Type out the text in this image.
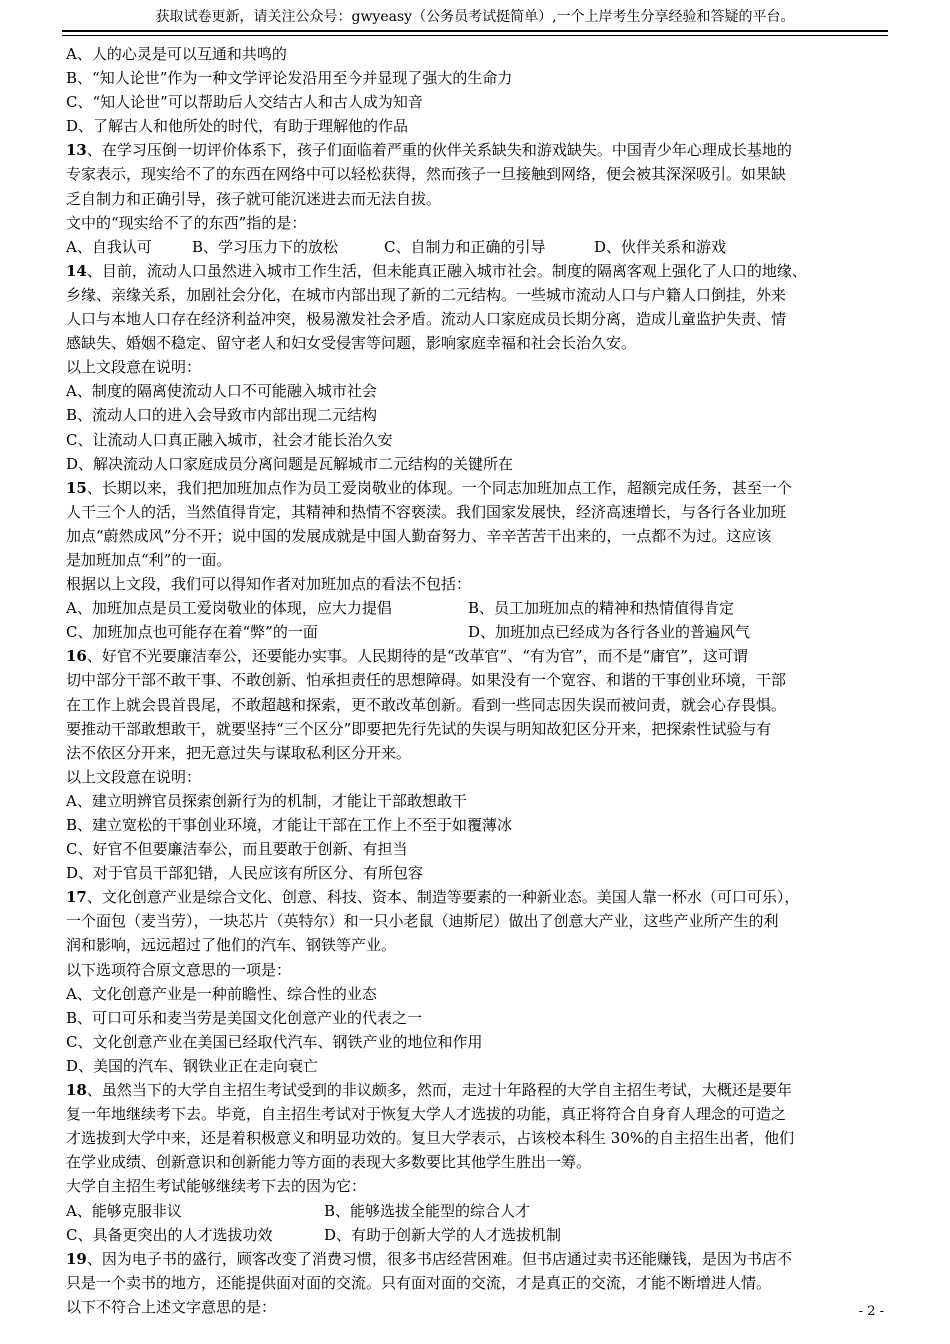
获取试卷更新，请关注公众号：gwyeasy（公务员考试挺简单）,一个上岸考生分享经验和答疑的平台。
A、人的心灵是可以互通和共鸣的
B、“知人论世”作为一种文学评论发沿用至今并显现了强大的生命力
C、“知人论世”可以帮助后人交结古人和古人成为知音
D、了解古人和他所处的时代，有助于理解他的作品
13、在学习压倒一切评价体系下，孩子们面临着严重的伙伴关系缺失和游戏缺失。中国青少年心理成长基地的
专家表示，现实给不了的东西在网络中可以轻松获得，然而孩子一旦接触到网络，便会被其深深吸引。如果缺
乏自制力和正确引导，孩子就可能沉迷进去而无法自拔。
文中的“现实给不了的东西”指的是：
A、自我认可	B、学习压力下的放松	C、自制力和正确的引导	D、伙伴关系和游戏
14、目前，流动人口虽然进入城市工作生活，但未能真正融入城市社会。制度的隔离客观上强化了人口的地缘、
乡缘、亲缘关系，加剧社会分化，在城市内部出现了新的二元结构。一些城市流动人口与户籍人口倒挂，外来
人口与本地人口存在经济利益冲突，极易激发社会矛盾。流动人口家庭成员长期分离，造成儿童监护失责、情
感缺失、婚姻不稳定、留守老人和妇女受侵害等问题，影响家庭幸福和社会长治久安。
以上文段意在说明：
A、制度的隔离使流动人口不可能融入城市社会
B、流动人口的进入会导致市内部出现二元结构
C、让流动人口真正融入城市，社会才能长治久安
D、解决流动人口家庭成员分离问题是瓦解城市二元结构的关键所在
15、长期以来，我们把加班加点作为员工爱岗敬业的体现。一个同志加班加点工作，超额完成任务，甚至一个
人干三个人的活，当然值得肯定，其精神和热情不容亵渎。我们国家发展快，经济高速增长，与各行各业加班
加点“蔚然成风”分不开；说中国的发展成就是中国人勤奋努力、辛辛苦苦干出来的，一点都不为过。这应该
是加班加点“利”的一面。
根据以上文段，我们可以得知作者对加班加点的看法不包括：
A、加班加点是员工爱岗敬业的体现，应大力提倡	B、员工加班加点的精神和热情值得肯定
C、加班加点也可能存在着“弊”的一面	D、加班加点已经成为各行各业的普遍风气
16、好官不光要廉洁奉公，还要能办实事。人民期待的是“改革官”、“有为官”，而不是“庸官”，这可谓
切中部分干部不敢干事、不敢创新、怕承担责任的思想障碍。如果没有一个宽容、和谐的干事创业环境，干部
在工作上就会畏首畏尾，不敢超越和探索，更不敢改革创新。看到一些同志因失误而被问责，就会心存畏惧。
要推动干部敢想敢干，就要坚持“三个区分”即要把先行先试的失误与明知故犯区分开来，把探索性试验与有
法不依区分开来，把无意过失与谋取私利区分开来。
以上文段意在说明：
A、建立明辨官员探索创新行为的机制，才能让干部敢想敢干
B、建立宽松的干事创业环境，才能让干部在工作上不至于如覆薄冰
C、好官不但要廉洁奉公，而且要敢于创新、有担当
D、对于官员干部犯错，人民应该有所区分、有所包容
17、文化创意产业是综合文化、创意、科技、资本、制造等要素的一种新业态。美国人靠一杯水（可口可乐），
一个面包（麦当劳），一块芯片（英特尔）和一只小老鼠（迪斯尼）做出了创意大产业，这些产业所产生的利
润和影响，远远超过了他们的汽车、钢铁等产业。
以下选项符合原文意思的一项是：
A、文化创意产业是一种前瞻性、综合性的业态
B、可口可乐和麦当劳是美国文化创意产业的代表之一
C、文化创意产业在美国已经取代汽车、钢铁产业的地位和作用
D、美国的汽车、钢铁业正在走向衰亡
18、虽然当下的大学自主招生考试受到的非议颇多，然而，走过十年路程的大学自主招生考试，大概还是要年
复一年地继续考下去。毕竟，自主招生考试对于恢复大学人才选拔的功能，真正将符合自身育人理念的可造之
才选拔到大学中来，还是着积极意义和明显功效的。复旦大学表示，占该校本科生 30%的自主招生出者，他们
在学业成绩、创新意识和创新能力等方面的表现大多数要比其他学生胜出一筹。
大学自主招生考试能够继续考下去的因为它：
A、能够克服非议	B、能够选拔全能型的综合人才
C、具备更突出的人才选拔功效	D、有助于创新大学的人才选拔机制
19、因为电子书的盛行，顾客改变了消费习惯，很多书店经营困难。但书店通过卖书还能赚钱，是因为书店不
只是一个卖书的地方，还能提供面对面的交流。只有面对面的交流，才是真正的交流，才能不断增进人情。
以下不符合上述文字意思的是：	- 2 -
